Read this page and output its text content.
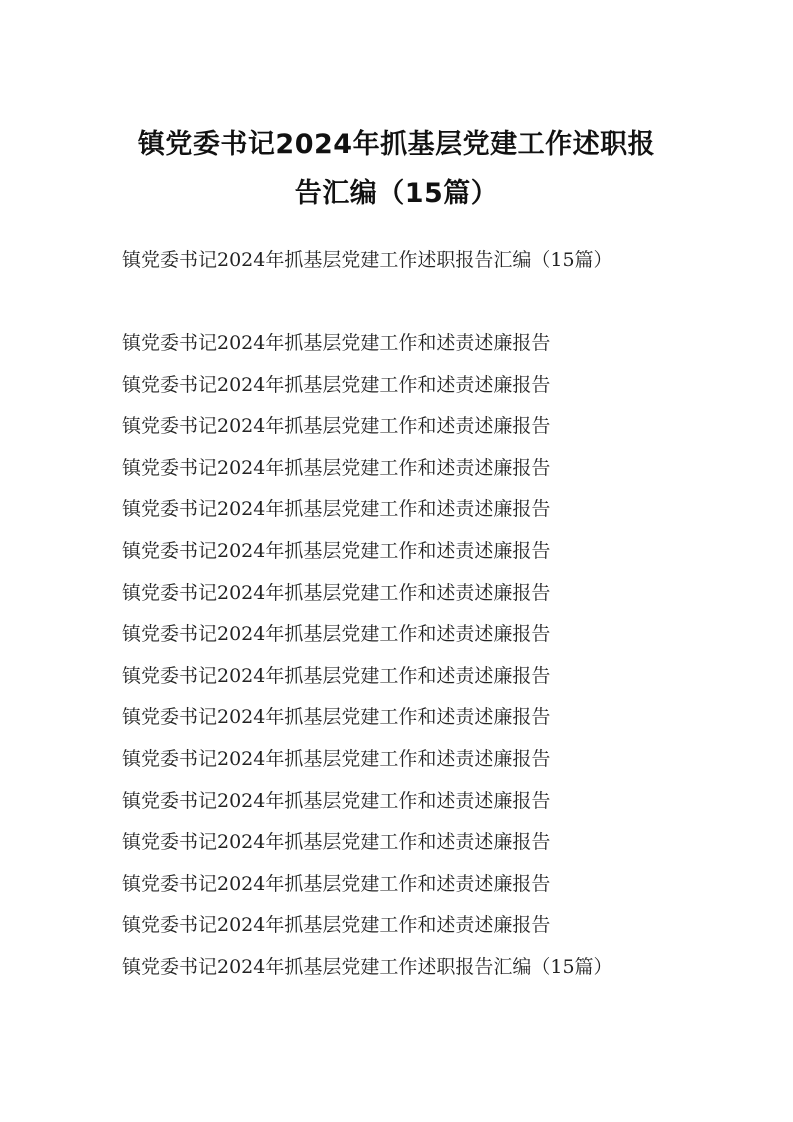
镇党委书记2024年抓基层党建工作述职报
告汇编（15篇）
镇党委书记2024年抓基层党建工作述职报告汇编（15篇）
镇党委书记2024年抓基层党建工作和述责述廉报告
镇党委书记2024年抓基层党建工作和述责述廉报告
镇党委书记2024年抓基层党建工作和述责述廉报告
镇党委书记2024年抓基层党建工作和述责述廉报告
镇党委书记2024年抓基层党建工作和述责述廉报告
镇党委书记2024年抓基层党建工作和述责述廉报告
镇党委书记2024年抓基层党建工作和述责述廉报告
镇党委书记2024年抓基层党建工作和述责述廉报告
镇党委书记2024年抓基层党建工作和述责述廉报告
镇党委书记2024年抓基层党建工作和述责述廉报告
镇党委书记2024年抓基层党建工作和述责述廉报告
镇党委书记2024年抓基层党建工作和述责述廉报告
镇党委书记2024年抓基层党建工作和述责述廉报告
镇党委书记2024年抓基层党建工作和述责述廉报告
镇党委书记2024年抓基层党建工作和述责述廉报告
镇党委书记2024年抓基层党建工作述职报告汇编（15篇）
